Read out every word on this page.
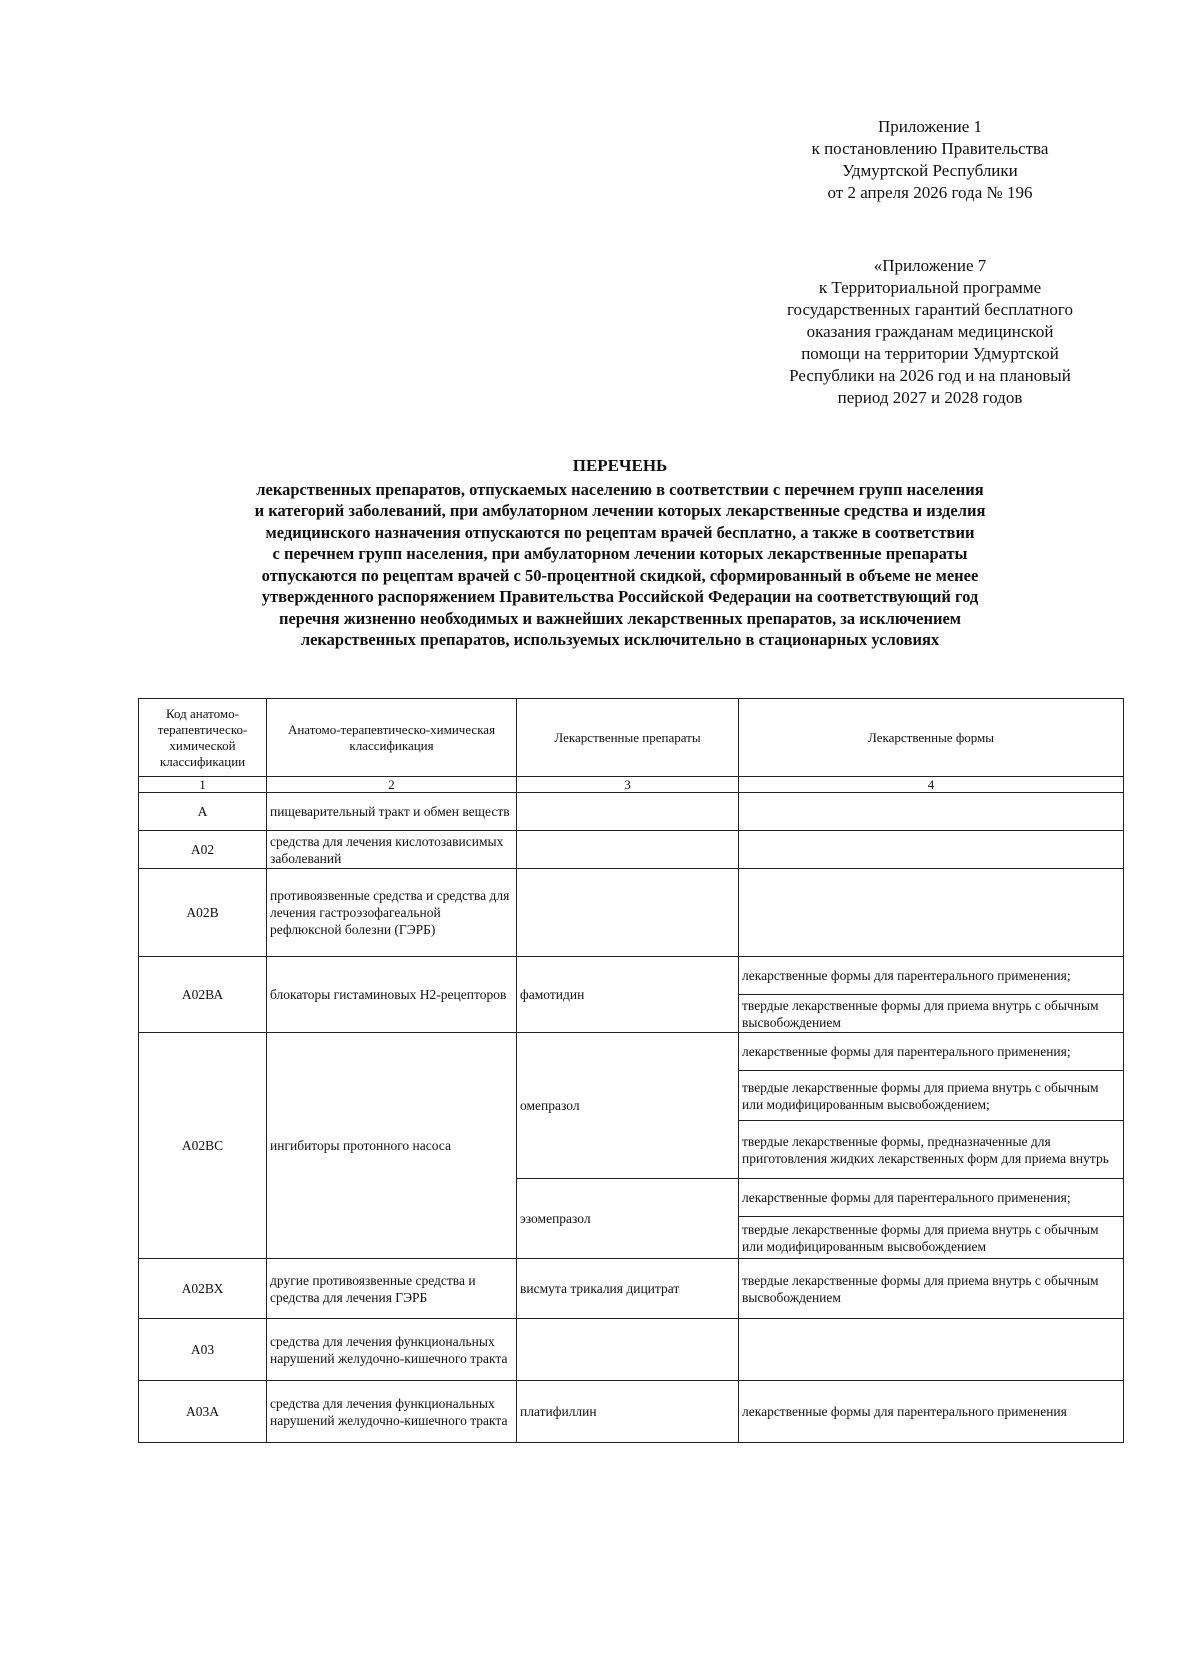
Приложение 1
к постановлению Правительства
Удмуртской Республики
от 2 апреля 2026 года № 196
«Приложение 7
к Территориальной программе
государственных гарантий бесплатного
оказания гражданам медицинской
помощи на территории Удмуртской
Республики на 2026 год и на плановый
период 2027 и 2028 годов
ПЕРЕЧЕНЬ
лекарственных препаратов, отпускаемых населению в соответствии с перечнем групп населения
и категорий заболеваний, при амбулаторном лечении которых лекарственные средства и изделия
медицинского назначения отпускаются по рецептам врачей бесплатно, а также в соответствии
с перечнем групп населения, при амбулаторном лечении которых лекарственные препараты
отпускаются по рецептам врачей с 50-процентной скидкой, сформированный в объеме не менее
утвержденного распоряжением Правительства Российской Федерации на соответствующий год
перечня жизненно необходимых и важнейших лекарственных препаратов, за исключением
лекарственных препаратов, используемых исключительно в стационарных условиях
Код анатомо-терапевтическо-химической классификации	Анатомо-терапевтическо-химическая классификация	Лекарственные препараты	Лекарственные формы
1	2	3	4
А	пищеварительный тракт и обмен веществ		
А02	средства для лечения кислотозависимых заболеваний		
А02В	противоязвенные средства и средства для лечения гастроэзофагеальной рефлюксной болезни (ГЭРБ)		
А02ВА	блокаторы гистаминовых Н2-рецепторов	фамотидин	лекарственные формы для парентерального применения;
			твердые лекарственные формы для приема внутрь с обычным высвобождением
А02ВС	ингибиторы протонного насоса	омепразол	лекарственные формы для парентерального применения;
			твердые лекарственные формы для приема внутрь с обычным или модифицированным высвобождением;
			твердые лекарственные формы, предназначенные для приготовления жидких лекарственных форм для приема внутрь
		эзомепразол	лекарственные формы для парентерального применения;
			твердые лекарственные формы для приема внутрь с обычным или модифицированным высвобождением
А02ВХ	другие противоязвенные средства и средства для лечения ГЭРБ	висмута трикалия дицитрат	твердые лекарственные формы для приема внутрь с обычным высвобождением
А03	средства для лечения функциональных нарушений желудочно-кишечного тракта		
А03А	средства для лечения функциональных нарушений желудочно-кишечного тракта	платифиллин	лекарственные формы для парентерального применения
